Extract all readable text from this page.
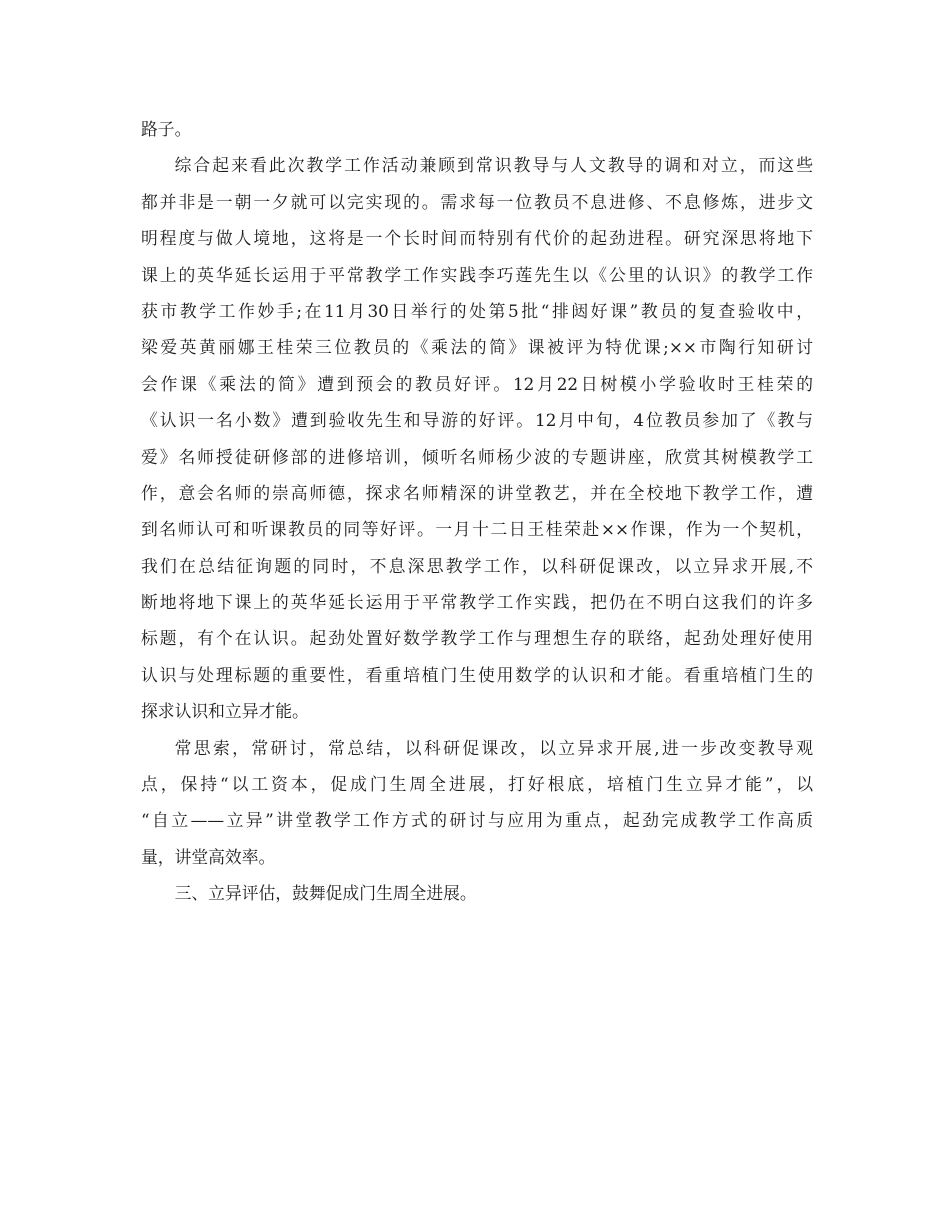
路子。
综合起来看此次教学工作活动兼顾到常识教导与人文教导的调和对立，而这些
都并非是一朝一夕就可以完实现的。需求每一位教员不息进修、不息修炼，进步文
明程度与做人境地，这将是一个长时间而特别有代价的起劲进程。研究深思将地下
课上的英华延长运用于平常教学工作实践李巧莲先生以《公里的认识》的教学工作
获市教学工作妙手;在11月30日举行的处第5批“排闼好课”教员的复查验收中，
梁爱英黄丽娜王桂荣三位教员的《乘法的简》课被评为特优课;××市陶行知研讨
会作课《乘法的简》遭到预会的教员好评。12月22日树模小学验收时王桂荣的
《认识一名小数》遭到验收先生和导游的好评。12月中旬，4位教员参加了《教与
爱》名师授徒研修部的进修培训，倾听名师杨少波的专题讲座，欣赏其树模教学工
作，意会名师的崇高师德，探求名师精深的讲堂教艺，并在全校地下教学工作，遭
到名师认可和听课教员的同等好评。一月十二日王桂荣赴××作课，作为一个契机，
我们在总结征询题的同时，不息深思教学工作，以科研促课改，以立异求开展,不
断地将地下课上的英华延长运用于平常教学工作实践，把仍在不明白这我们的许多
标题，有个在认识。起劲处置好数学教学工作与理想生存的联络，起劲处理好使用
认识与处理标题的重要性，看重培植门生使用数学的认识和才能。看重培植门生的
探求认识和立异才能。
常思索，常研讨，常总结，以科研促课改，以立异求开展,进一步改变教导观
点，保持“以工资本，促成门生周全进展，打好根底，培植门生立异才能”，以
“自立——立异”讲堂教学工作方式的研讨与应用为重点，起劲完成教学工作高质
量，讲堂高效率。
三、立异评估，鼓舞促成门生周全进展。
